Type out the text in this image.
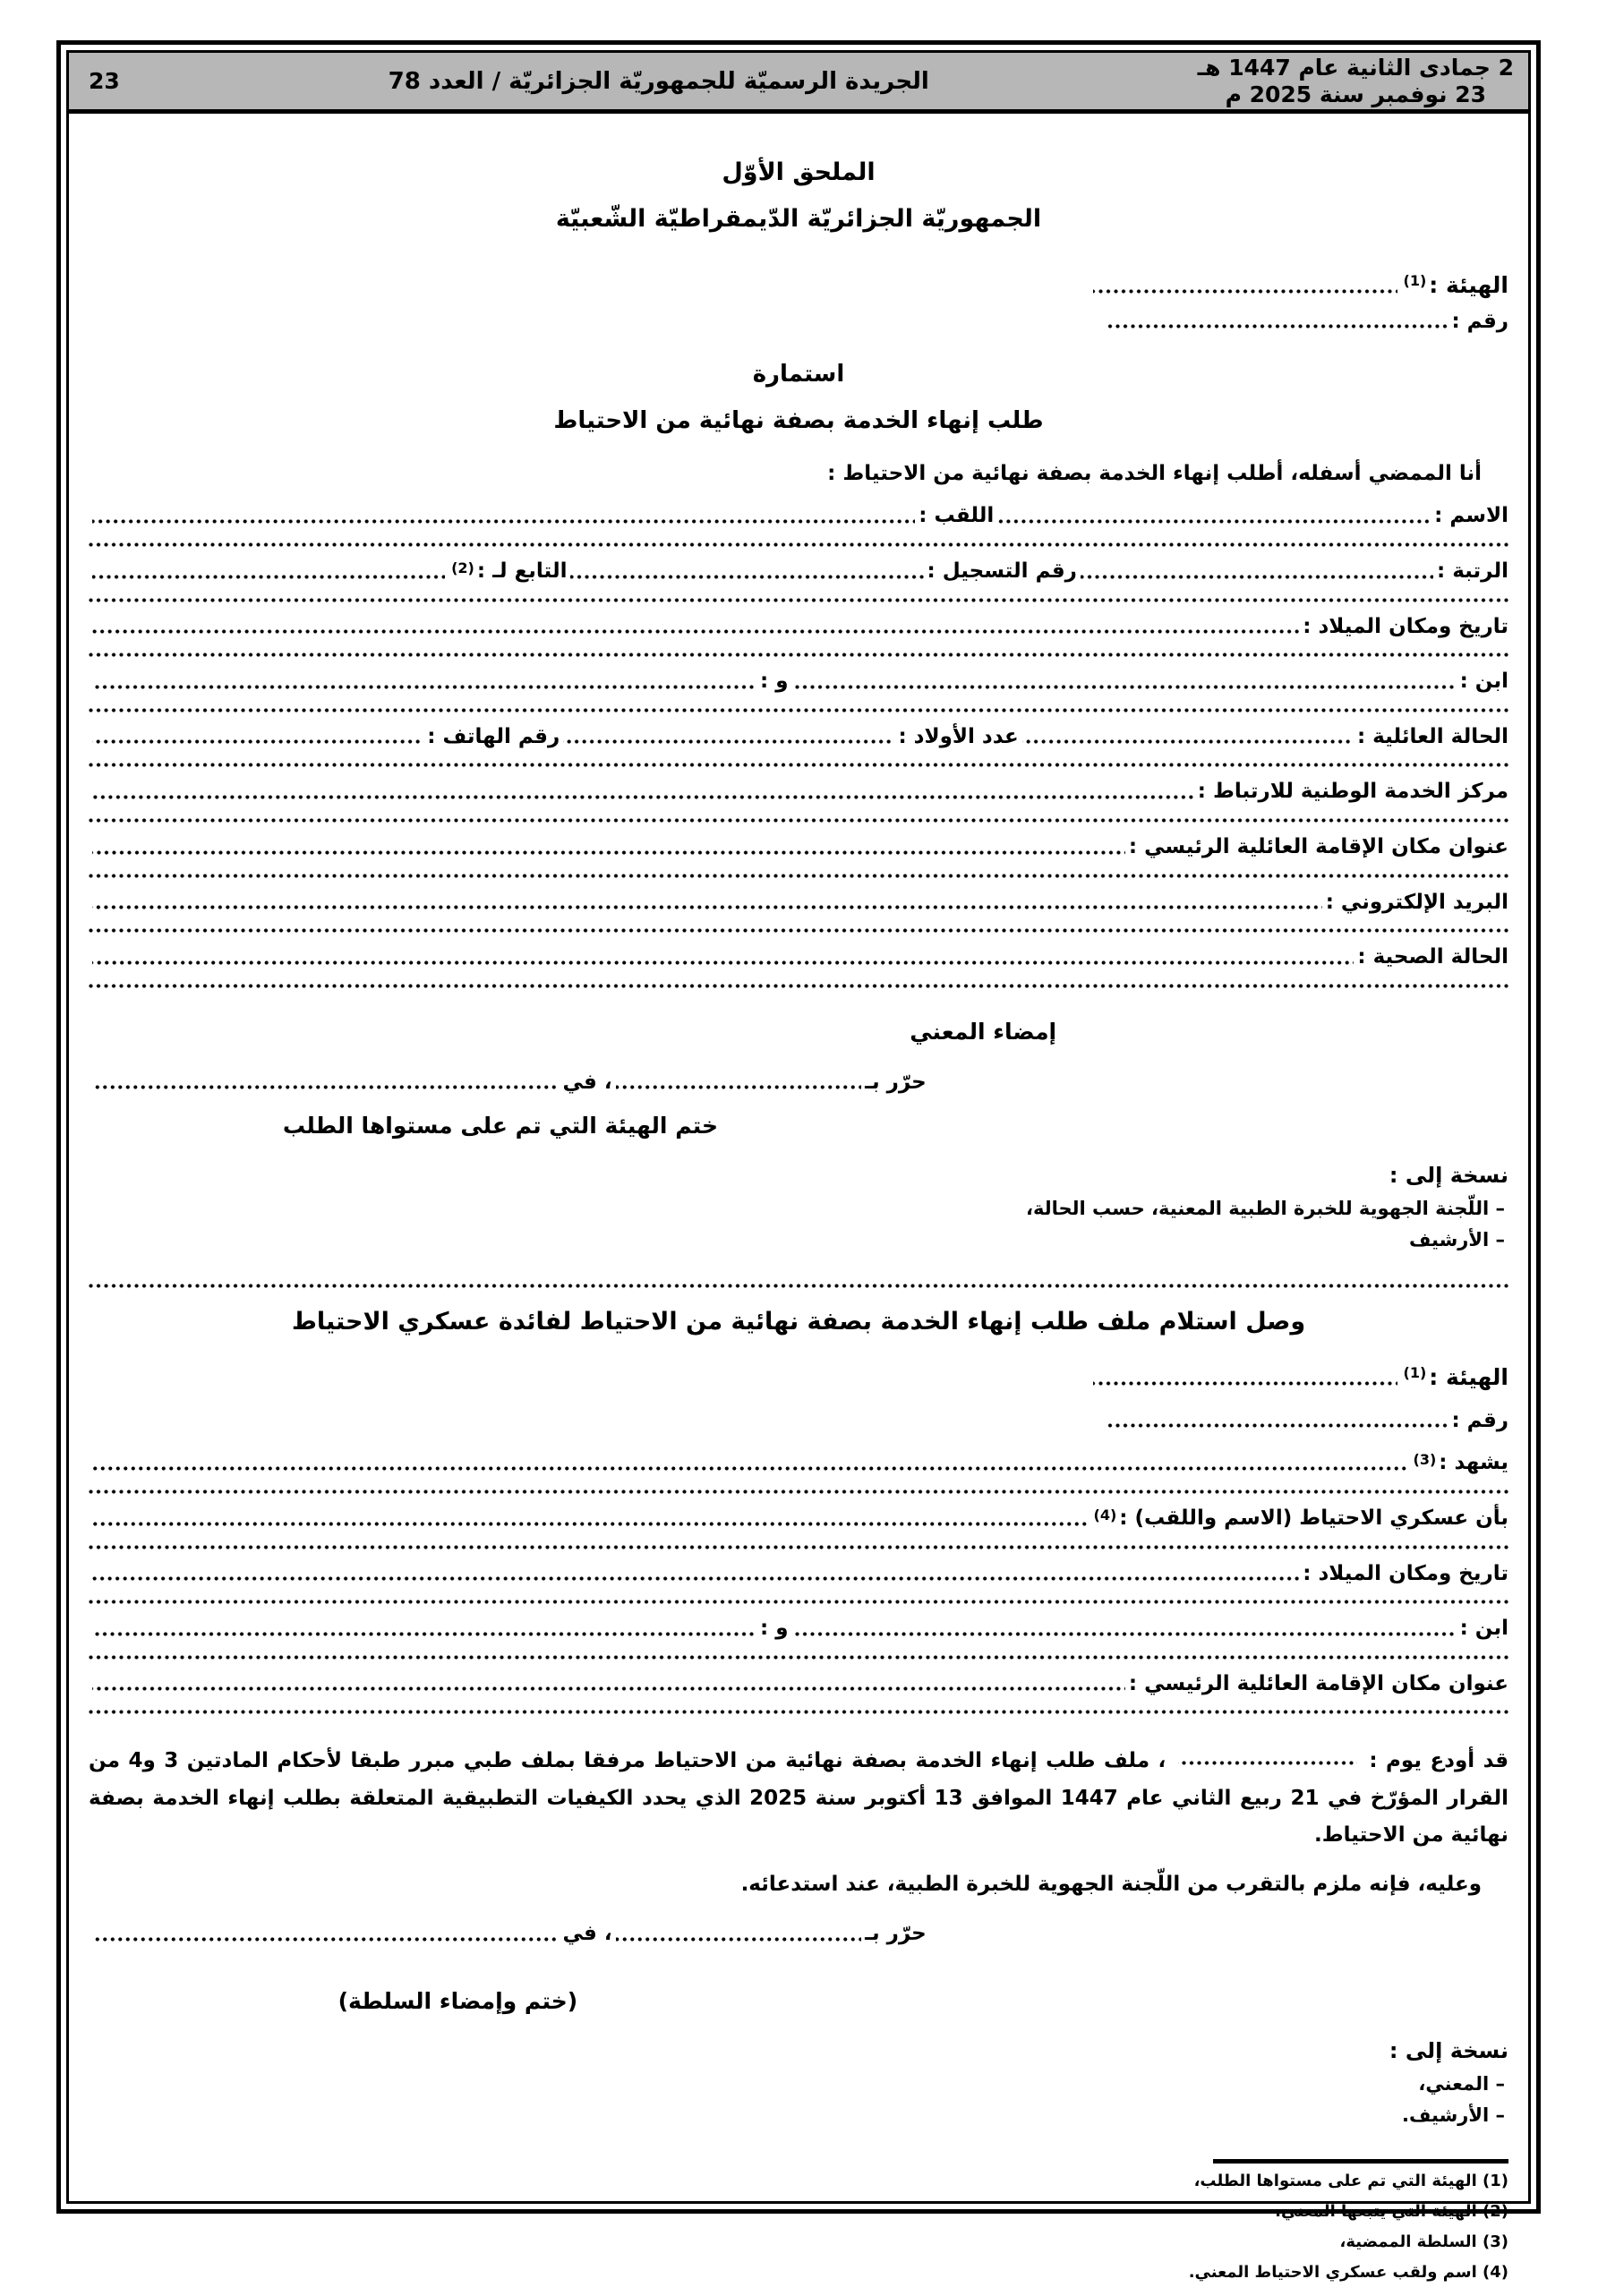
2 جمادى الثانية عام 1447 هـ
23 نوفمبر سنة 2025 م
الجريدة الرسميّة للجمهوريّة الجزائريّة / العدد 78
23
الملحق الأوّل
الجمهوريّة الجزائريّة الدّيمقراطيّة الشّعبيّة
الهيئة :
(1)
رقم :
استمارة
طلب إنهاء الخدمة بصفة نهائية من الاحتياط
أنا الممضي أسفله، أطلب إنهاء الخدمة بصفة نهائية من الاحتياط :
الاسم :
اللقب :
الرتبة :
رقم التسجيل :
التابع لـ :
(2)
تاريخ ومكان الميلاد :
ابن :
و :
الحالة العائلية :
عدد الأولاد :
رقم الهاتف :
مركز الخدمة الوطنية للارتباط :
عنوان مكان الإقامة العائلية الرئيسي :
البريد الإلكتروني :
الحالة الصحية :
إمضاء المعني
حرّر بـ
، في
ختم الهيئة التي تم على مستواها الطلب
نسخة إلى :
– اللّجنة الجهوية للخبرة الطبية المعنية، حسب الحالة،
– الأرشيف
وصل استلام ملف طلب إنهاء الخدمة بصفة نهائية من الاحتياط لفائدة عسكري الاحتياط
الهيئة :
(1)
رقم :
يشهد :
(3)
بأن عسكري الاحتياط (الاسم واللقب) :
(4)
تاريخ ومكان الميلاد :
ابن :
و :
عنوان مكان الإقامة العائلية الرئيسي :

قد أودع يوم :  ، ملف طلب إنهاء الخدمة بصفة نهائية من الاحتياط مرفقا بملف طبي مبرر طبقا لأحكام المادتين 3 و4 من القرار المؤرّخ في 21 ربيع الثاني عام 1447 الموافق 13 أكتوبر سنة 2025 الذي يحدد الكيفيات التطبيقية المتعلقة بطلب إنهاء الخدمة بصفة نهائية من الاحتياط.

وعليه، فإنه ملزم بالتقرب من اللّجنة الجهوية للخبرة الطبية، عند استدعائه.
حرّر بـ
، في
(ختم وإمضاء السلطة)
نسخة إلى :
– المعني،
– الأرشيف.
(1) الهيئة التي تم على مستواها الطلب،
(2) الهيئة التي يتبعها المعني،
(3) السلطة الممضية،
(4) اسم ولقب عسكري الاحتياط المعني.
